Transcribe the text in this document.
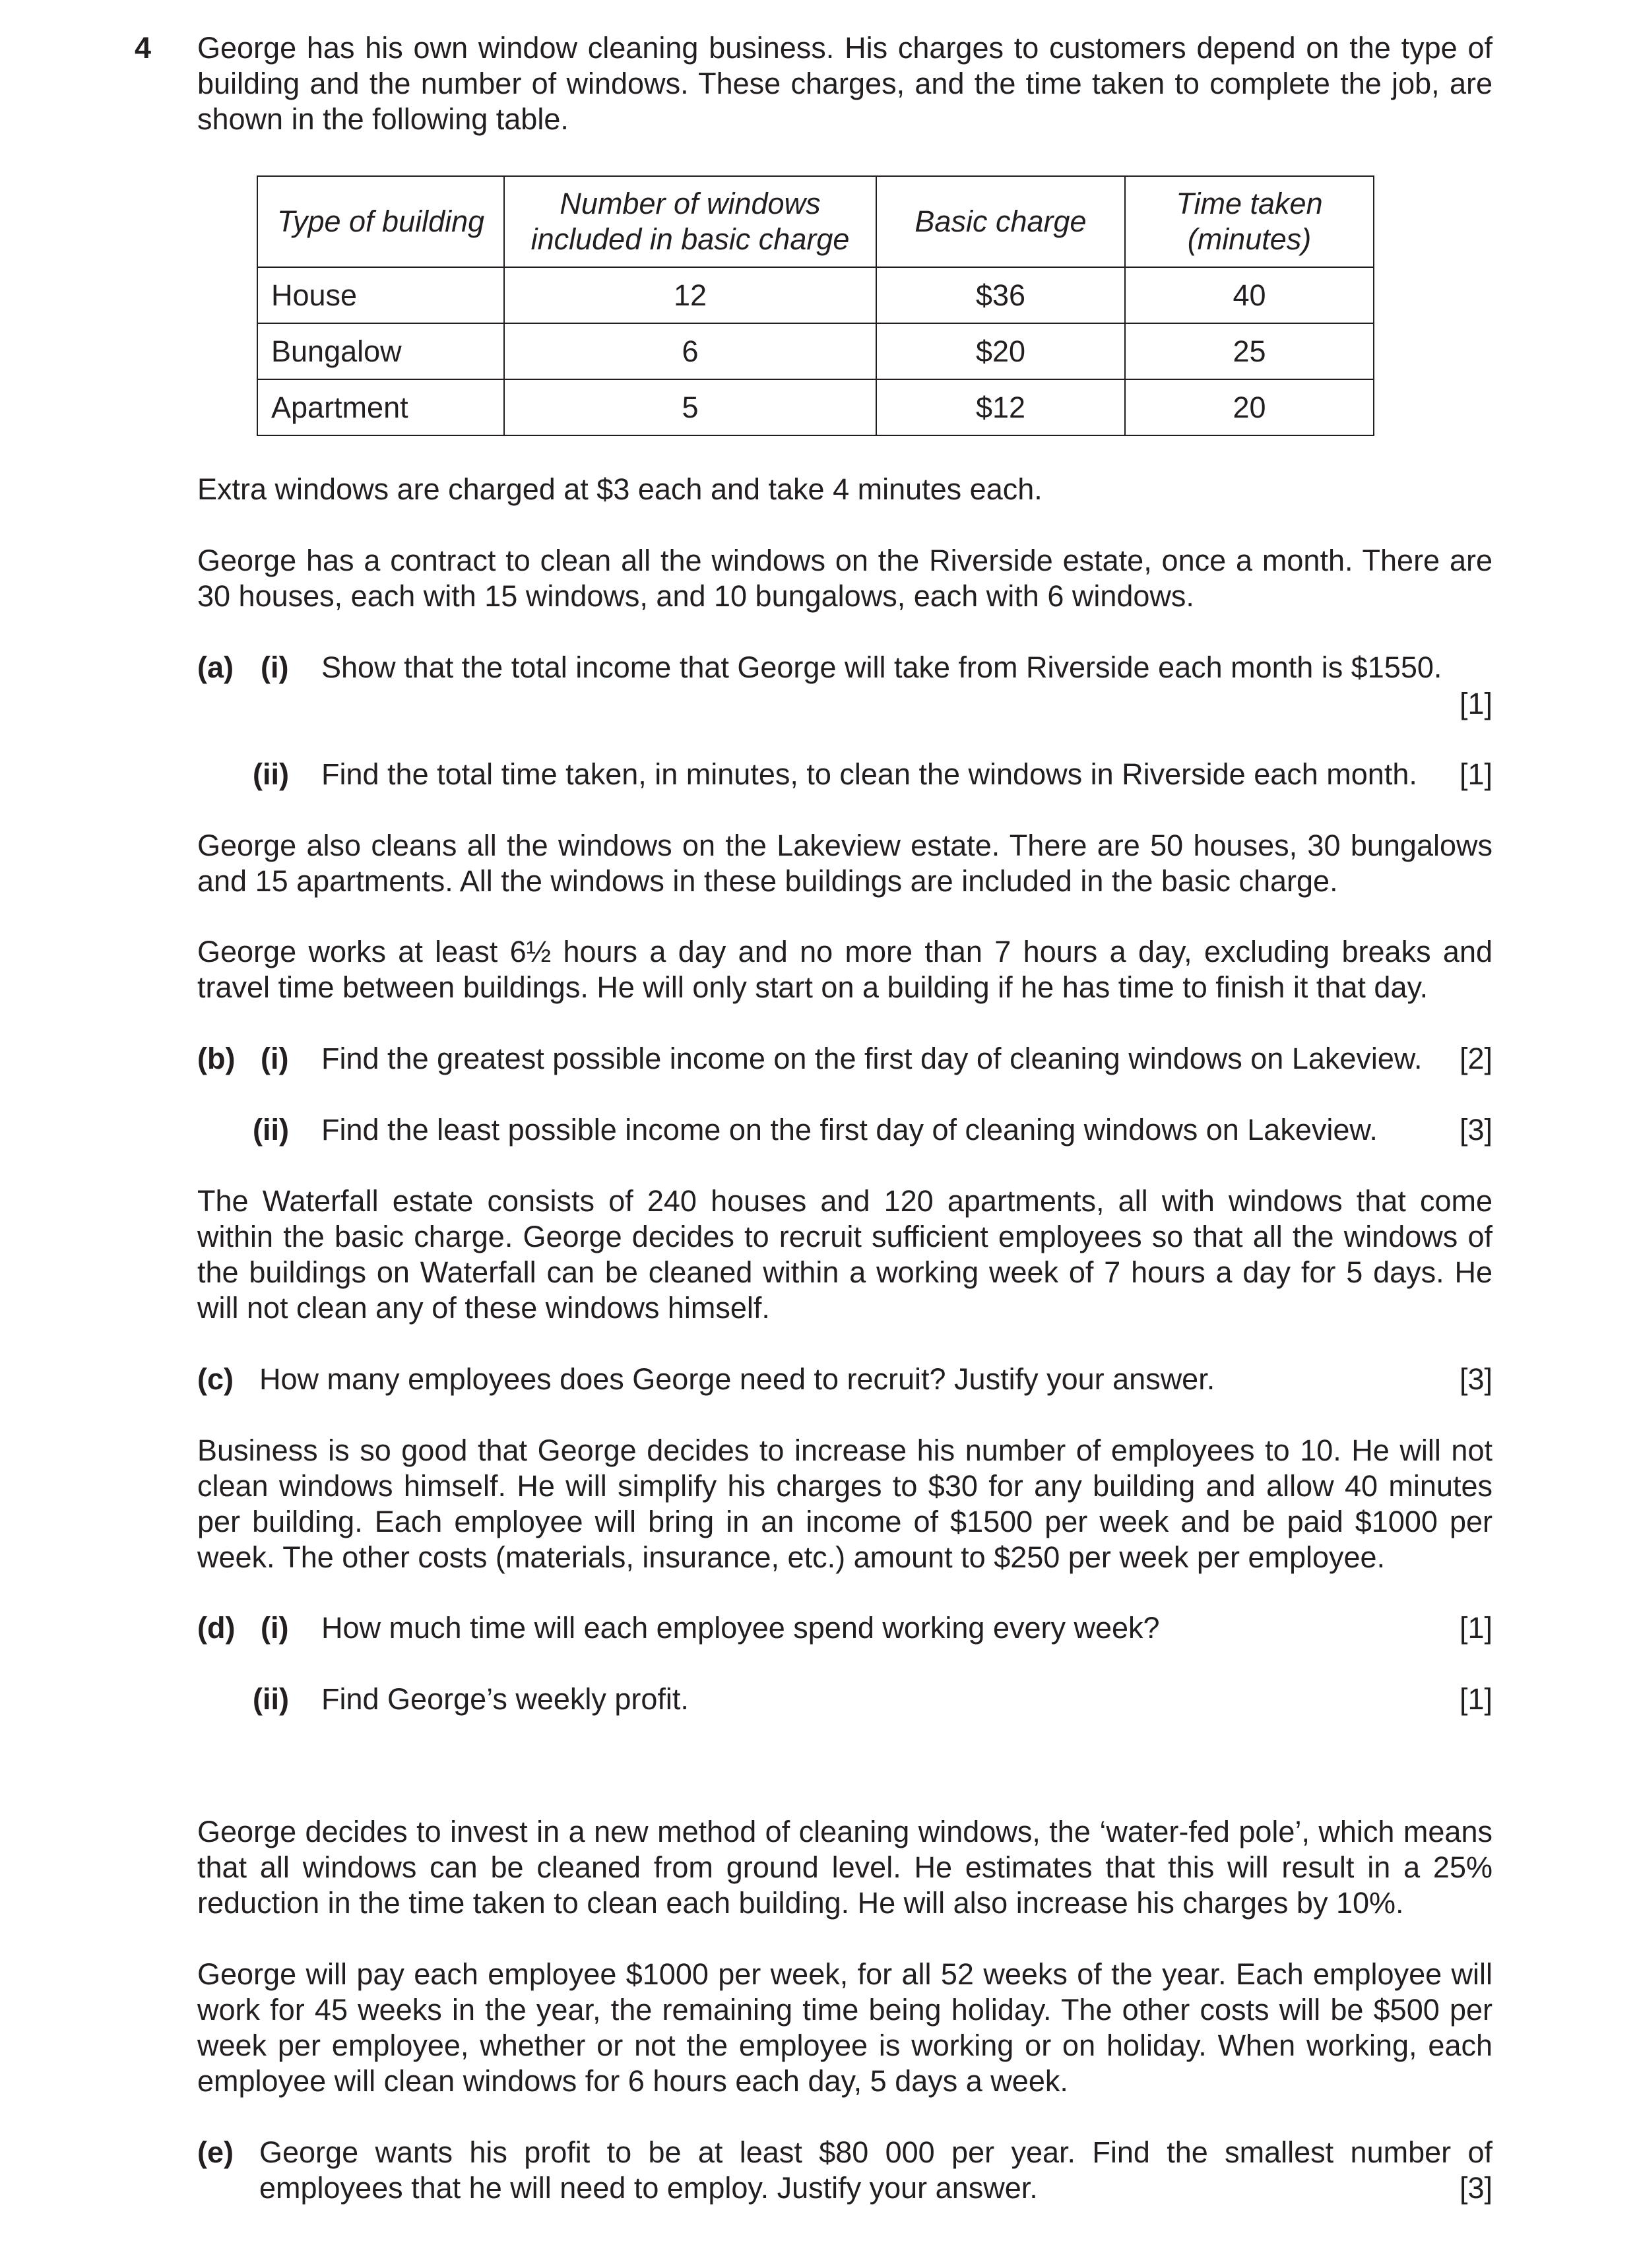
4 George has his own window cleaning business. His charges to customers depend on the type of building and the number of windows. These charges, and the time taken to complete the job, are shown in the following table.
Type of building	Number of windows included in basic charge	Basic charge	Time taken (minutes)
House	12	$36	40
Bungalow	6	$20	25
Apartment	5	$12	20
Extra windows are charged at $3 each and take 4 minutes each.
George has a contract to clean all the windows on the Riverside estate, once a month. There are 30 houses, each with 15 windows, and 10 bungalows, each with 6 windows.
(a) (i) Show that the total income that George will take from Riverside each month is $1550.
[1]
(ii) Find the total time taken, in minutes, to clean the windows in Riverside each month.	[1]
George also cleans all the windows on the Lakeview estate. There are 50 houses, 30 bungalows and 15 apartments. All the windows in these buildings are included in the basic charge.
George works at least 6½ hours a day and no more than 7 hours a day, excluding breaks and travel time between buildings. He will only start on a building if he has time to finish it that day.
(b) (i) Find the greatest possible income on the first day of cleaning windows on Lakeview.	[2]
(ii) Find the least possible income on the first day of cleaning windows on Lakeview.	[3]
The Waterfall estate consists of 240 houses and 120 apartments, all with windows that come within the basic charge. George decides to recruit sufficient employees so that all the windows of the buildings on Waterfall can be cleaned within a working week of 7 hours a day for 5 days. He will not clean any of these windows himself.
(c) How many employees does George need to recruit? Justify your answer.	[3]
Business is so good that George decides to increase his number of employees to 10. He will not clean windows himself. He will simplify his charges to $30 for any building and allow 40 minutes per building. Each employee will bring in an income of $1500 per week and be paid $1000 per week. The other costs (materials, insurance, etc.) amount to $250 per week per employee.
(d) (i) How much time will each employee spend working every week?	[1]
(ii) Find George’s weekly profit.	[1]
George decides to invest in a new method of cleaning windows, the ‘water-fed pole’, which means that all windows can be cleaned from ground level. He estimates that this will result in a 25% reduction in the time taken to clean each building. He will also increase his charges by 10%.
George will pay each employee $1000 per week, for all 52 weeks of the year. Each employee will work for 45 weeks in the year, the remaining time being holiday. The other costs will be $500 per week per employee, whether or not the employee is working or on holiday. When working, each employee will clean windows for 6 hours each day, 5 days a week.
(e) George wants his profit to be at least $80 000 per year. Find the smallest number of employees that he will need to employ. Justify your answer.	[3]
